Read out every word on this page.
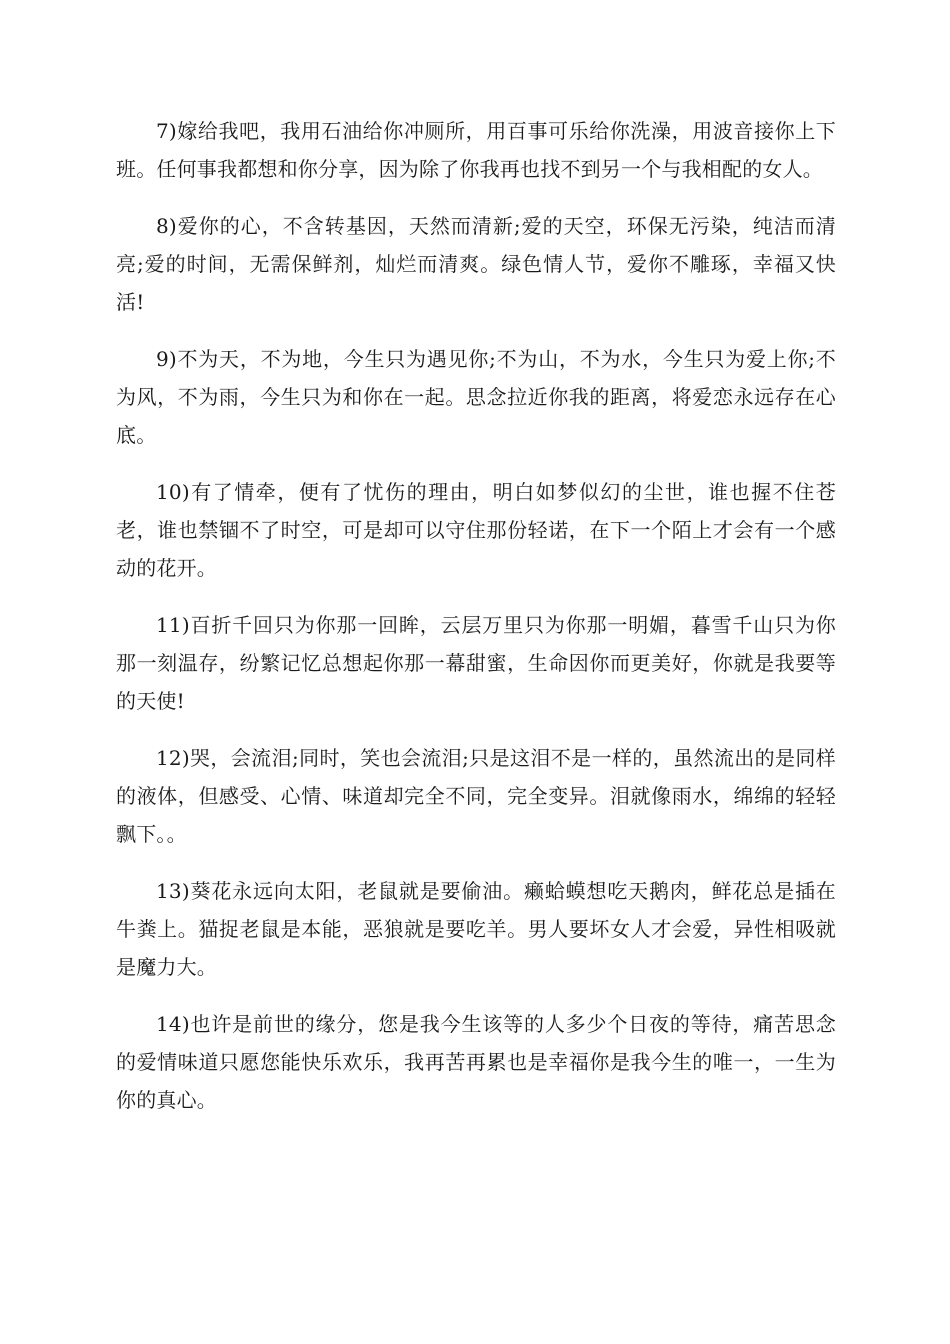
7)嫁给我吧，我用石油给你冲厕所，用百事可乐给你洗澡，用波音接你上下班。任何事我都想和你分享，因为除了你我再也找不到另一个与我相配的女人。

8)爱你的心，不含转基因，天然而清新;爱的天空，环保无污染，纯洁而清亮;爱的时间，无需保鲜剂，灿烂而清爽。绿色情人节，爱你不雕琢，幸福又快活!

9)不为天，不为地，今生只为遇见你;不为山，不为水，今生只为爱上你;不为风，不为雨，今生只为和你在一起。思念拉近你我的距离，将爱恋永远存在心底。

10)有了情牵，便有了忧伤的理由，明白如梦似幻的尘世，谁也握不住苍老，谁也禁锢不了时空，可是却可以守住那份轻诺，在下一个陌上才会有一个感动的花开。

11)百折千回只为你那一回眸，云层万里只为你那一明媚，暮雪千山只为你那一刻温存，纷繁记忆总想起你那一幕甜蜜，生命因你而更美好，你就是我要等的天使!

12)哭，会流泪;同时，笑也会流泪;只是这泪不是一样的，虽然流出的是同样的液体，但感受、心情、味道却完全不同，完全变异。泪就像雨水，绵绵的轻轻飘下。。

13)葵花永远向太阳，老鼠就是要偷油。癞蛤蟆想吃天鹅肉，鲜花总是插在牛粪上。猫捉老鼠是本能，恶狼就是要吃羊。男人要坏女人才会爱，异性相吸就是魔力大。

14)也许是前世的缘分，您是我今生该等的人多少个日夜的等待，痛苦思念的爱情味道只愿您能快乐欢乐，我再苦再累也是幸福你是我今生的唯一，一生为你的真心。
